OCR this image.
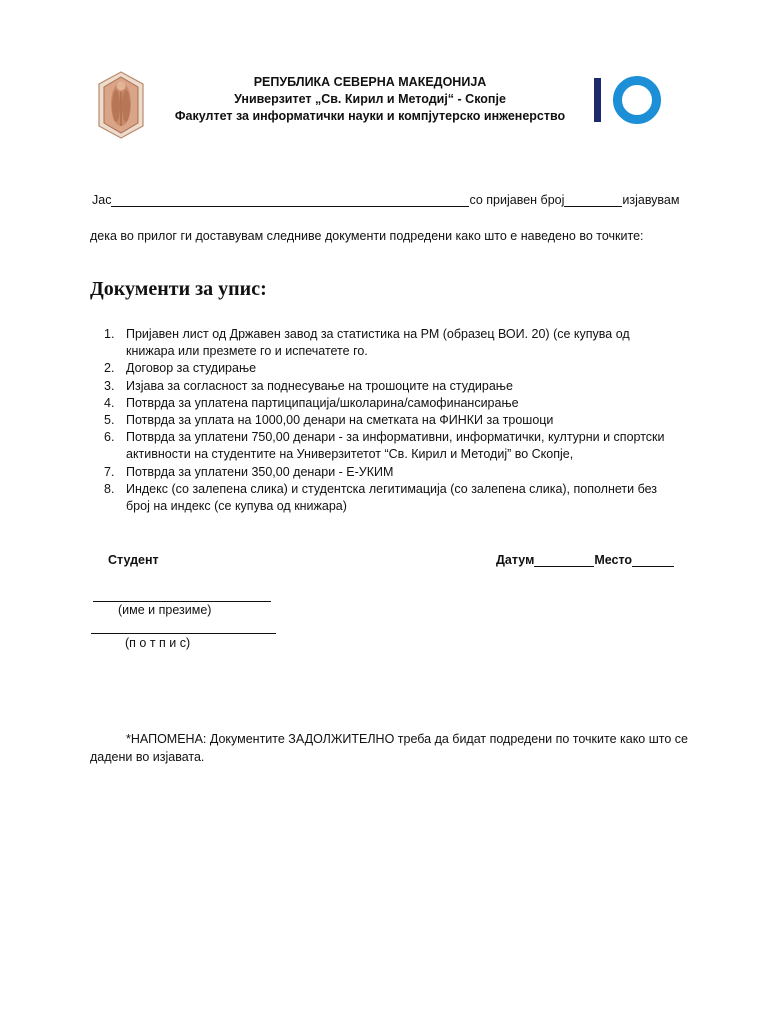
РЕПУБЛИКА СЕВЕРНА МАКЕДОНИЈА
Универзитет „Св. Кирил и Методиј“ - Скопје
Факултет за информатички науки и компјутерско инженерство
Јас	со пријавен број	изјавувам
дека во прилог ги доставувам следниве документи подредени како што е наведено во точките:
Документи за упис:
1. Пријавен лист од Државен завод за статистика на РМ (образец ВОИ. 20) (се купува од книжара или презмете го и испечатете го.
2. Договор за студирање
3. Изјава за согласност за поднесување на трошоците на студирање
4. Потврда за уплатена партиципација/школарина/самофинансирање
5. Потврда за уплата на 1000,00 денари на сметката на ФИНКИ за трошоци
6. Потврда за уплатени 750,00 денари - за информативни, информатички, културни и спортски активности на студентите на Универзитетот “Св. Кирил и Методиј” во Скопје,
7. Потврда за уплатени 350,00 денари - Е-УКИМ
8. Индекс (со залепена слика) и студентска легитимација (со залепена слика), пополнети без број на индекс (се купува од книжара)
Студент	Датум	Место
(име и презиме)
(п о т п и с)
*НАПОМЕНА: Документите ЗАДОЛЖИТЕЛНО треба да бидат подредени по точките како што се дадени во изјавата.
